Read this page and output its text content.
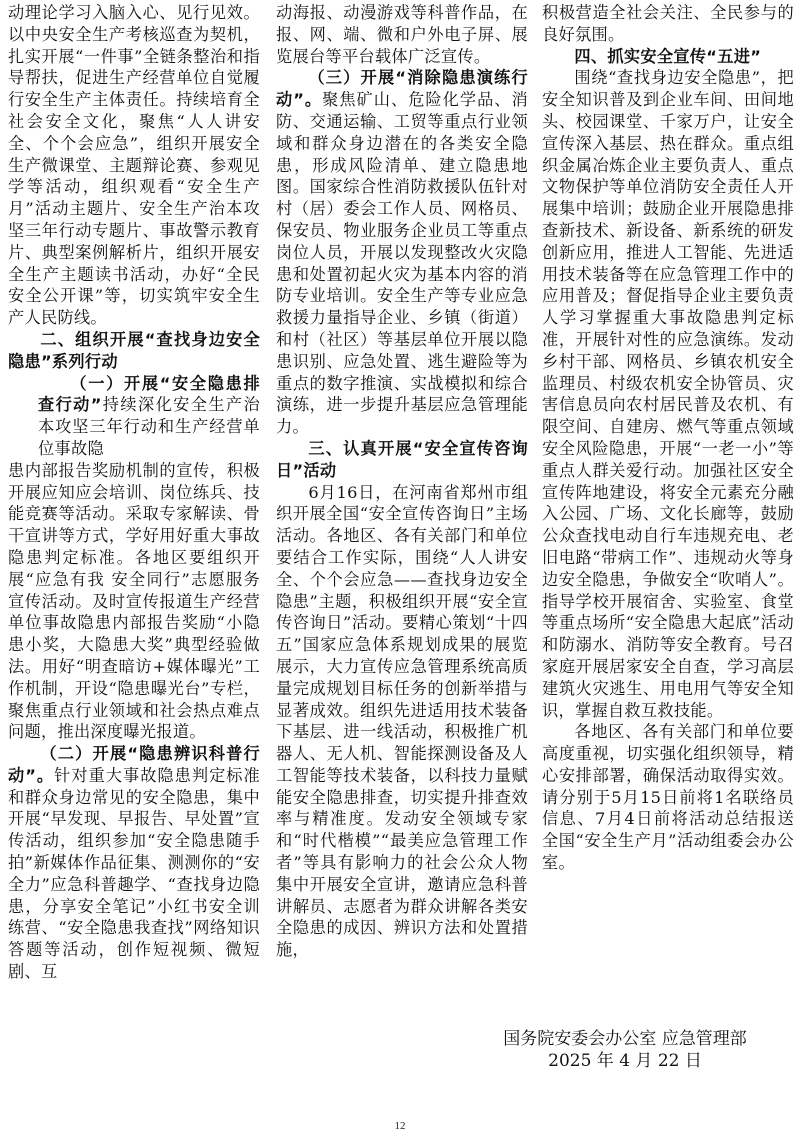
动理论学习入脑入心、见行见效。以中央安全生产考核巡查为契机，扎实开展“一件事”全链条整治和指导帮扶，促进生产经营单位自觉履行安全生产主体责任。持续培育全社会安全文化，聚焦“人人讲安全、个个会应急”，组织开展安全生产微课堂、主题辩论赛、参观见学等活动，组织观看“安全生产月”活动主题片、安全生产治本攻坚三年行动专题片、事故警示教育片、典型案例解析片，组织开展安全生产主题读书活动，办好“全民安全公开课”等，切实筑牢安全生产人民防线。

二、组织开展“查找身边安全隐患”系列行动

（一）开展“安全隐患排查行动”持续深化安全生产治本攻坚三年行动和生产经营单位事故隐

患内部报告奖励机制的宣传，积极开展应知应会培训、岗位练兵、技能竞赛等活动。采取专家解读、骨干宣讲等方式，学好用好重大事故隐患判定标准。各地区要组织开展“应急有我 安全同行”志愿服务宣传活动。及时宣传报道生产经营单位事故隐患内部报告奖励“小隐患小奖，大隐患大奖”典型经验做法。用好“明查暗访+媒体曝光”工作机制，开设“隐患曝光台”专栏，聚焦重点行业领域和社会热点难点问题，推出深度曝光报道。

（二）开展“隐患辨识科普行动”。针对重大事故隐患判定标准和群众身边常见的安全隐患，集中开展“早发现、早报告、早处置”宣传活动，组织参加“安全隐患随手拍”新媒体作品征集、测测你的“安全力”应急科普趣学、“查找身边隐患，分享安全笔记”小红书安全训练营、“安全隐患我查找”网络知识答题等活动，创作短视频、微短剧、互

动海报、动漫游戏等科普作品，在报、网、端、微和户外电子屏、展览展台等平台载体广泛宣传。

（三）开展“消除隐患演练行动”。聚焦矿山、危险化学品、消防、交通运输、工贸等重点行业领域和群众身边潜在的各类安全隐患，形成风险清单、建立隐患地图。国家综合性消防救援队伍针对村（居）委会工作人员、网格员、保安员、物业服务企业员工等重点岗位人员，开展以发现整改火灾隐患和处置初起火灾为基本内容的消防专业培训。安全生产等专业应急救援力量指导企业、乡镇（街道）和村（社区）等基层单位开展以隐患识别、应急处置、逃生避险等为重点的数字推演、实战模拟和综合演练，进一步提升基层应急管理能力。

三、认真开展“安全宣传咨询日”活动

6月16日，在河南省郑州市组织开展全国“安全宣传咨询日”主场活动。各地区、各有关部门和单位要结合工作实际，围绕“人人讲安全、个个会应急——查找身边安全隐患”主题，积极组织开展“安全宣传咨询日”活动。要精心策划“十四五”国家应急体系规划成果的展览展示，大力宣传应急管理系统高质量完成规划目标任务的创新举措与显著成效。组织先进适用技术装备下基层、进一线活动，积极推广机器人、无人机、智能探测设备及人工智能等技术装备，以科技力量赋能安全隐患排查，切实提升排查效率与精准度。发动安全领域专家和“时代楷模”“最美应急管理工作者”等具有影响力的社会公众人物集中开展安全宣讲，邀请应急科普讲解员、志愿者为群众讲解各类安全隐患的成因、辨识方法和处置措施，

积极营造全社会关注、全民参与的良好氛围。

四、抓实安全宣传“五进”

围绕“查找身边安全隐患”，把安全知识普及到企业车间、田间地头、校园课堂、千家万户，让安全宣传深入基层、热在群众。重点组织金属冶炼企业主要负责人、重点文物保护等单位消防安全责任人开展集中培训；鼓励企业开展隐患排查新技术、新设备、新系统的研发创新应用，推进人工智能、先进适用技术装备等在应急管理工作中的应用普及；督促指导企业主要负责人学习掌握重大事故隐患判定标准，开展针对性的应急演练。发动乡村干部、网格员、乡镇农机安全监理员、村级农机安全协管员、灾害信息员向农村居民普及农机、有限空间、自建房、燃气等重点领域安全风险隐患，开展“一老一小”等重点人群关爱行动。加强社区安全宣传阵地建设，将安全元素充分融入公园、广场、文化长廊等，鼓励公众查找电动自行车违规充电、老旧电路“带病工作”、违规动火等身边安全隐患，争做安全“吹哨人”。指导学校开展宿舍、实验室、食堂等重点场所“安全隐患大起底”活动和防溺水、消防等安全教育。号召家庭开展居家安全自查，学习高层建筑火灾逃生、用电用气等安全知识，掌握自救互救技能。

各地区、各有关部门和单位要高度重视，切实强化组织领导，精心安排部署，确保活动取得实效。请分别于5月15日前将1名联络员信息、7月4日前将活动总结报送全国“安全生产月”活动组委会办公室。

国务院安委会办公室 应急管理部
2025 年 4 月 22 日
12
